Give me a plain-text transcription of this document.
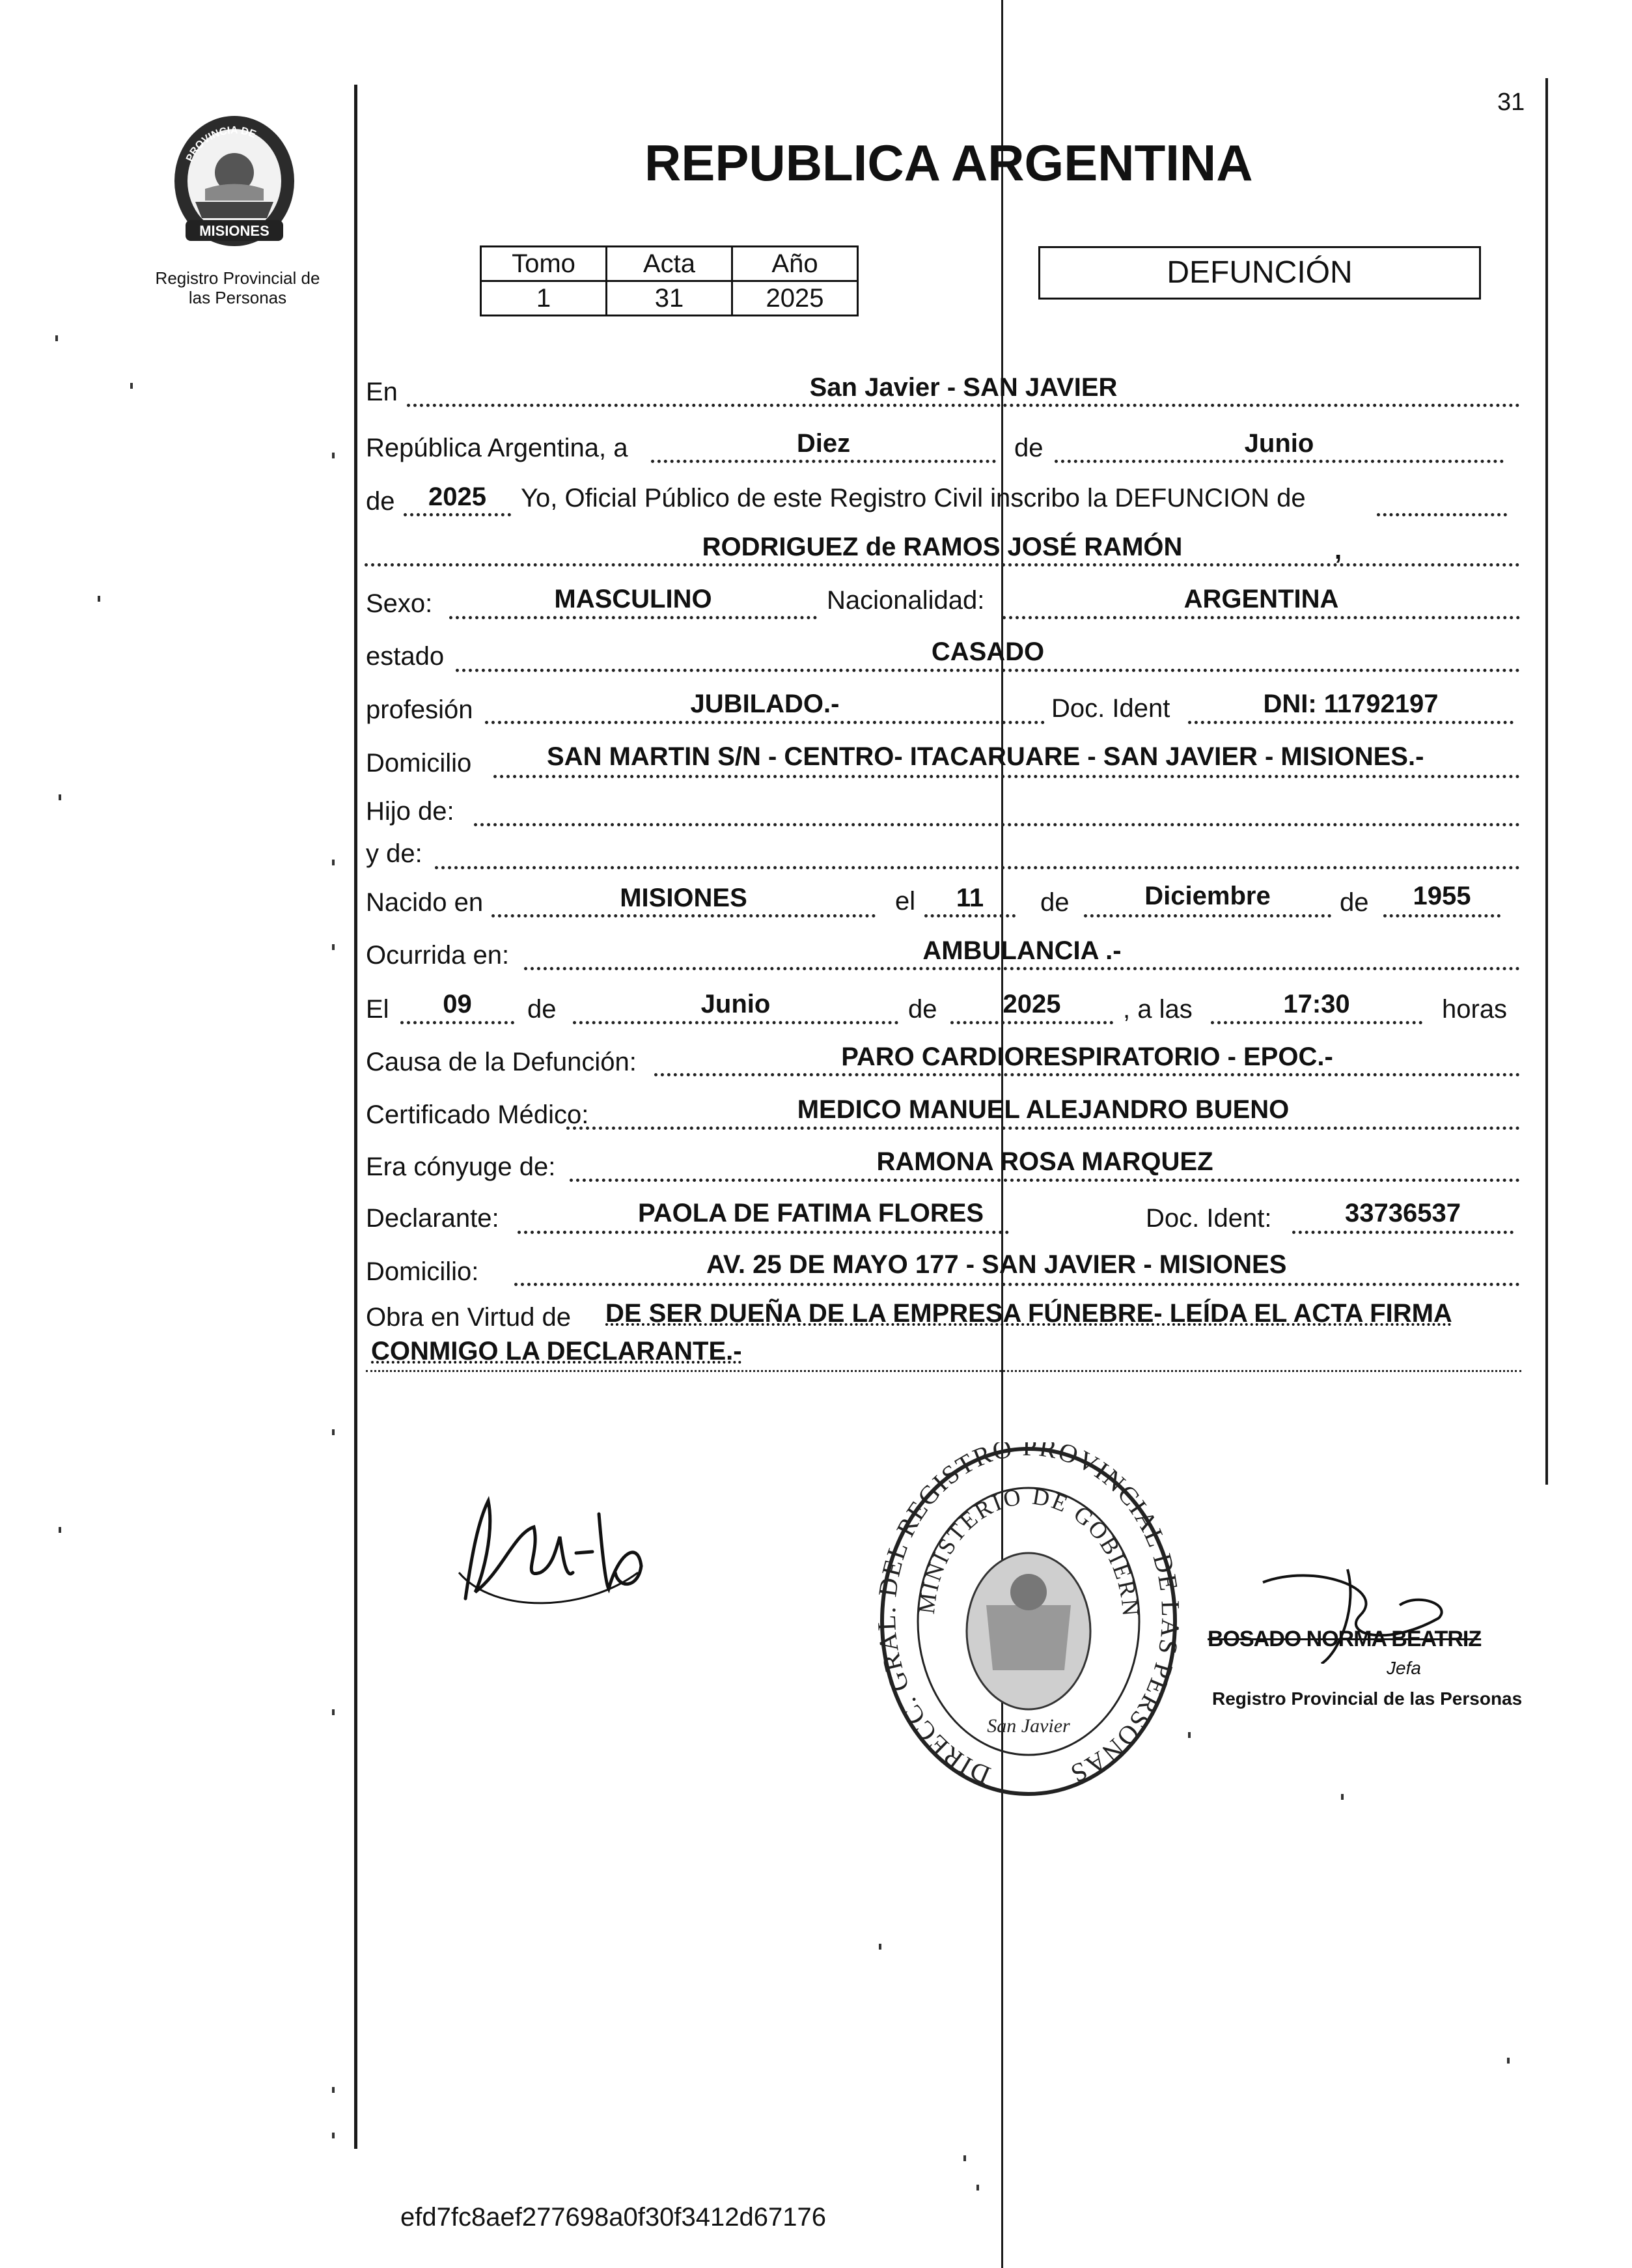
31
MISIONES
PROVINCIA DE
Registro Provincial de
las Personas
REPUBLICA ARGENTINA
Tomo	Acta	Año
1	31	2025
DEFUNCIÓN
En	San Javier - SAN JAVIER
República Argentina, a	Diez	de	Junio
de	2025	Yo, Oficial Público de este Registro Civil inscribo la DEFUNCION de
RODRIGUEZ de RAMOS JOSÉ RAMÓN	,
Sexo:	MASCULINO	Nacionalidad:	ARGENTINA
estado	CASADO
profesión	JUBILADO.-	Doc. Ident	DNI: 11792197
Domicilio	SAN MARTIN S/N - CENTRO- ITACARUARE - SAN JAVIER - MISIONES.-
Hijo de:
y de:
Nacido en	MISIONES	el	11	de	Diciembre	de	1955
Ocurrida en:	AMBULANCIA .-
El	09	de	Junio	de	2025	, a las	17:30	horas
Causa de la Defunción:	PARO CARDIORESPIRATORIO - EPOC.-
Certificado Médico:	MEDICO MANUEL ALEJANDRO BUENO
Era cónyuge de:	RAMONA ROSA MARQUEZ
Declarante:	PAOLA DE FATIMA FLORES	Doc. Ident:	33736537
Domicilio:	AV. 25 DE MAYO 177 - SAN JAVIER - MISIONES
Obra en Virtud de DE SER DUEÑA DE LA EMPRESA FÚNEBRE- LEÍDA EL ACTA FIRMA
CONMIGO LA DECLARANTE.-
DIRECC. GR DEL REGISTRO PROVINCIAL DE S PERSONAS
MINISTERIO DE GOBIERN
San Javier
BOSADO NORMA BEATRIZ
Jefa
Registro Provincial de las Personas
efd7fc8aef277698a0f30f3412d67176
